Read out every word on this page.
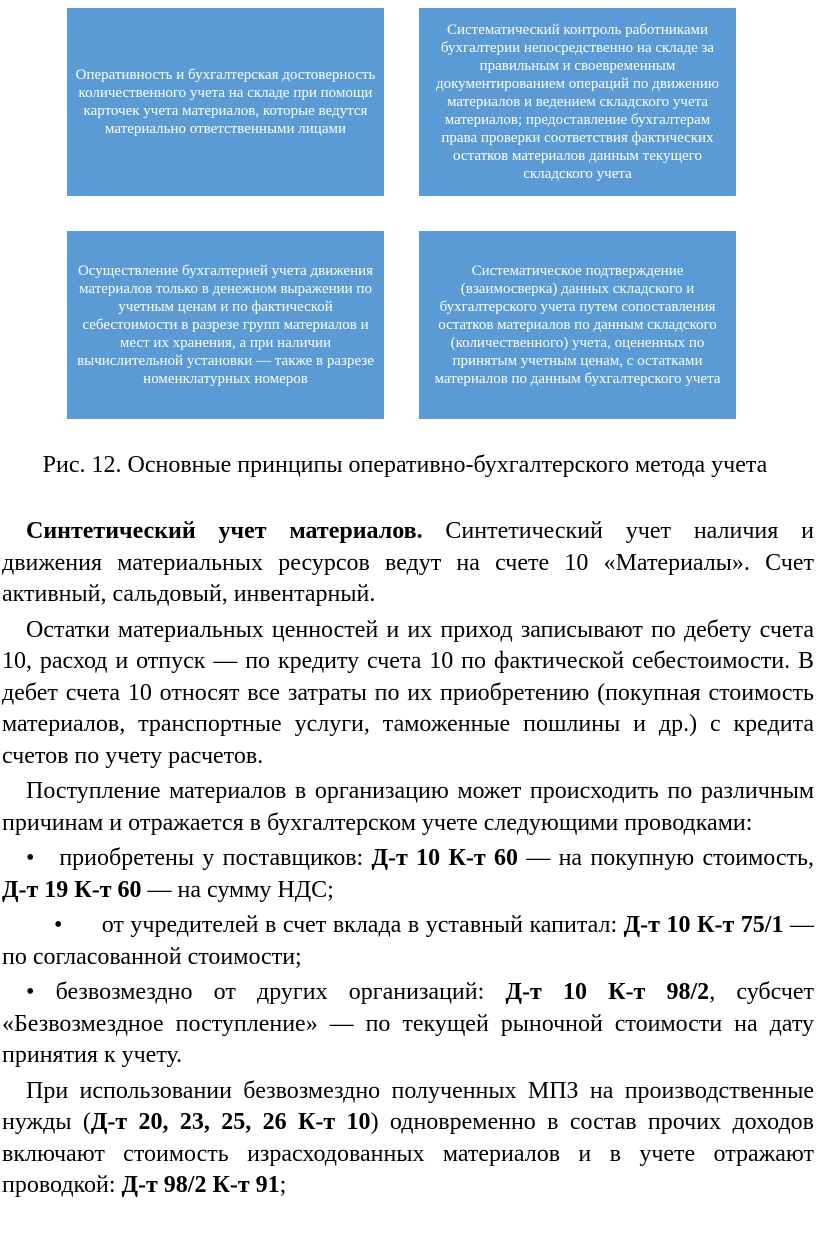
Оперативность и бухгалтерская достоверность количественного учета на складе при помощи карточек учета материалов, которые ведутся материально ответственными лицами
Систематический контроль работниками бухгалтерии непосредственно на складе за правильным и своевременным документированием операций по движению материалов и ведением складского учета материалов; предоставление бухгалтерам права проверки соответствия фактических остатков материалов данным текущего складского учета
Осуществление бухгалтерией учета движения материалов только в денежном выражении по учетным ценам и по фактической себестоимости в разрезе групп материалов и мест их хранения, а при наличии вычислительной установки — также в разрезе номенклатурных номеров
Систематическое подтверждение (взаимосверка) данных складского и бухгалтерского учета путем сопоставления остатков материалов по данным складского (количественного) учета, оцененных по принятым учетным ценам, с остатками материалов по данным бухгалтерского учета
Рис. 12. Основные принципы оперативно-бухгалтерского метода учета

Синтетический учет материалов. Синтетический учет наличия и движения материальных ресурсов ведут на счете 10 «Материалы». Счет активный, сальдовый, инвентарный.

Остатки материальных ценностей и их приход записывают по дебету счета 10, расход и отпуск — по кредиту счета 10 по фактической себестоимости. В дебет счета 10 относят все затраты по их приобретению (покупная стоимость материалов, транспортные услуги, таможенные пошлины и др.) с кредита счетов по учету расчетов.

Поступление материалов в организацию может происходить по различным причинам и отражается в бухгалтерском учете следующими проводками:

• приобретены у поставщиков: Д-т 10 К-т 60 — на покупную стоимость, Д-т 19 К-т 60 — на сумму НДС;

• от учредителей в счет вклада в уставный капитал: Д-т 10 К-т 75/1 — по согласованной стоимости;

• безвозмездно от других организаций: Д-т 10 К-т 98/2, субсчет «Безвозмездное поступление» — по текущей рыночной стоимости на дату принятия к учету.

При использовании безвозмездно полученных МПЗ на производственные нужды (Д-т 20, 23, 25, 26 К-т 10) одновременно в состав прочих доходов включают стоимость израсходованных материалов и в учете отражают проводкой: Д-т 98/2 К-т 91;
